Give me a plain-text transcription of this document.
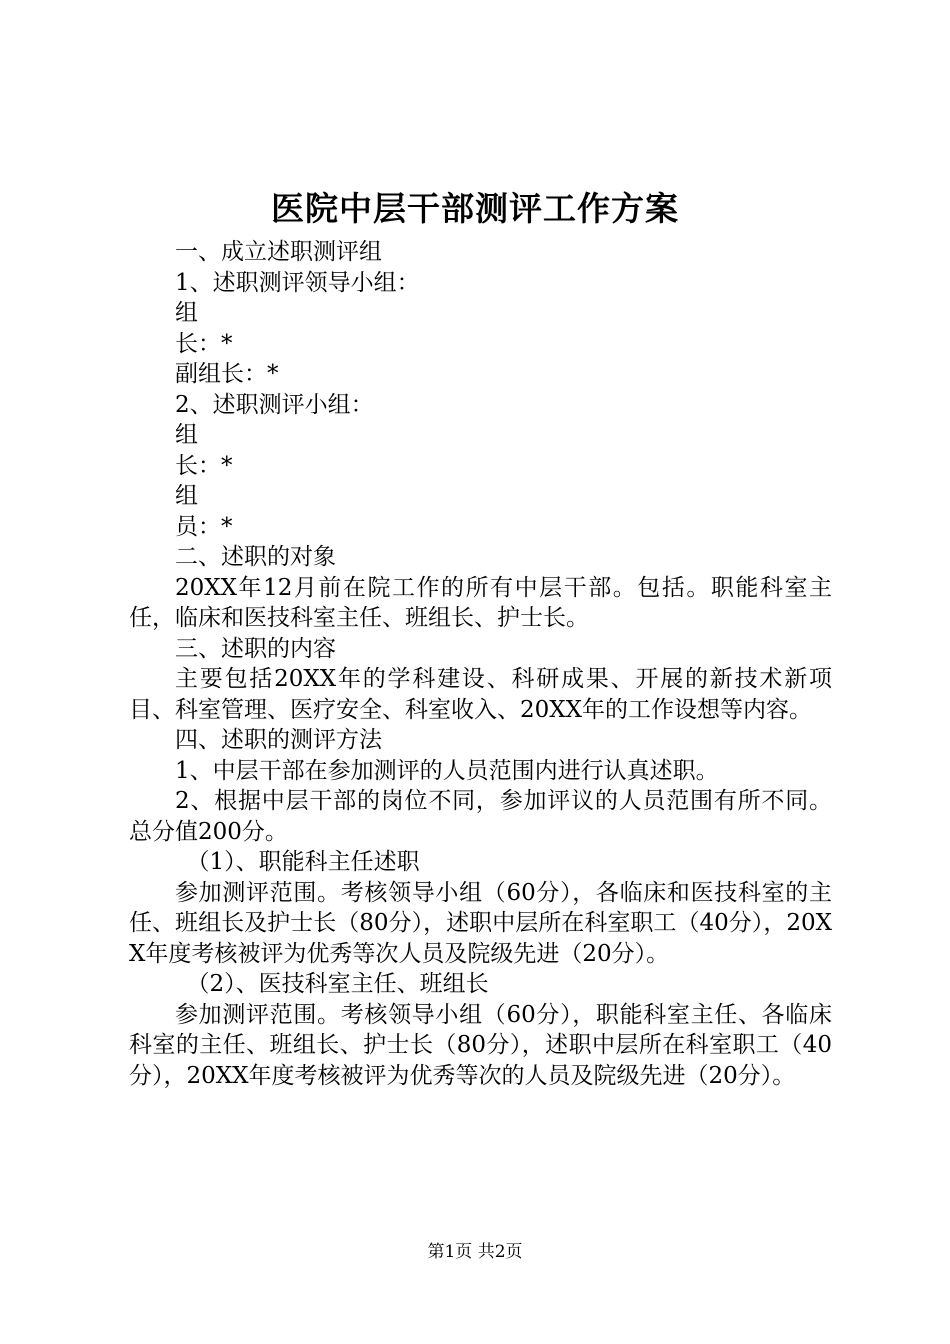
医院中层干部测评工作方案

一、成立述职测评组

1、述职测评领导小组：

组

长：*

副组长：*

2、述职测评小组：

组

长：*

组

员：*

二、述职的对象

20XX年12月前在院工作的所有中层干部。包括。职能科室主任，临床和医技科室主任、班组长、护士长。

三、述职的内容

主要包括20XX年的学科建设、科研成果、开展的新技术新项目、科室管理、医疗安全、科室收入、20XX年的工作设想等内容。

四、述职的测评方法

1、中层干部在参加测评的人员范围内进行认真述职。

2、根据中层干部的岗位不同，参加评议的人员范围有所不同。总分值200分。

（1）、职能科主任述职

参加测评范围。考核领导小组（60分），各临床和医技科室的主任、班组长及护士长（80分），述职中层所在科室职工（40分），20XX年度考核被评为优秀等次人员及院级先进（20分）。

（2）、医技科室主任、班组长

参加测评范围。考核领导小组（60分），职能科室主任、各临床科室的主任、班组长、护士长（80分），述职中层所在科室职工（40分），20XX年度考核被评为优秀等次的人员及院级先进（20分）。

第1页 共2页
